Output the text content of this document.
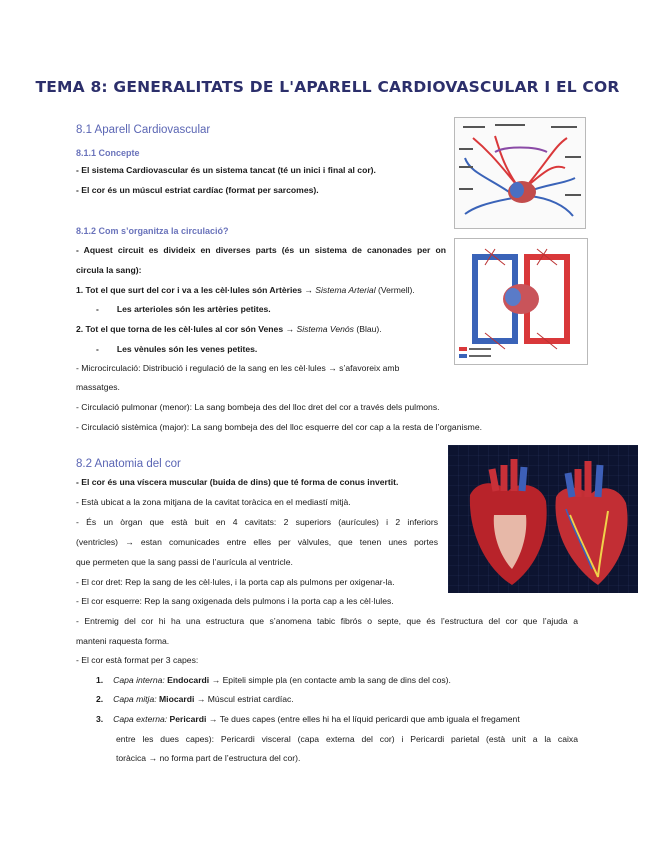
TEMA 8: GENERALITATS DE L'APARELL CARDIOVASCULAR I EL COR

8.1 Aparell Cardiovascular

8.1.1 Concepte

- El sistema Cardiovascular és un sistema tancat (té un inici i final al cor).

- El cor és un múscul estriat cardíac (format per sarcomes).

8.1.2 Com s’organitza la circulació?

- Aquest circuit es divideix en diverses parts (és un sistema de canonades per on

circula la sang):

1. Tot el que surt del cor i va a les cèl·lules són Artèries → Sistema Arterial (Vermell).

- Les arterioles són les artèries petites.

2. Tot el que torna de les cèl·lules al cor són Venes → Sistema Venós (Blau).

- Les vènules són les venes petites.

- Microcirculació: Distribució i regulació de la sang en les cèl·lules → s’afavoreix amb

massatges.

- Circulació pulmonar (menor): La sang bombeja des del lloc dret del cor a través dels pulmons.

- Circulació sistèmica (major): La sang bombeja des del lloc esquerre del cor cap a la resta de l’organisme.

8.2 Anatomia del cor

- El cor és una víscera muscular (buida de dins) que té forma de conus invertit.

- Està ubicat a la zona mitjana de la cavitat toràcica en el mediastí mitjà.

- És un òrgan que està buit en 4 cavitats: 2 superiors (aurícules) i 2 inferiors

(ventricles) → estan comunicades entre elles per vàlvules, que tenen unes portes

que permeten que la sang passi de l’aurícula al ventricle.

- El cor dret: Rep la sang de les cèl·lules, i la porta cap als pulmons per oxigenar-la.

- El cor esquerre: Rep la sang oxigenada dels pulmons i la porta cap a les cèl·lules.

- Entremig del cor hi ha una estructura que s’anomena tabic fibrós o septe, que és l’estructura del cor que l’ajuda a

manteni raquesta forma.

- El cor està format per 3 capes:

1. Capa interna: Endocardi → Epiteli simple pla (en contacte amb la sang de dins del cos).

2. Capa mitja: Miocardi → Múscul estriat cardíac.

3. Capa externa: Pericardi → Te dues capes (entre elles hi ha el líquid pericardi que amb iguala el fregament

entre les dues capes): Pericardi visceral (capa externa del cor) i Pericardi parietal (està unit a la caixa

toràcica → no forma part de l’estructura del cor).
